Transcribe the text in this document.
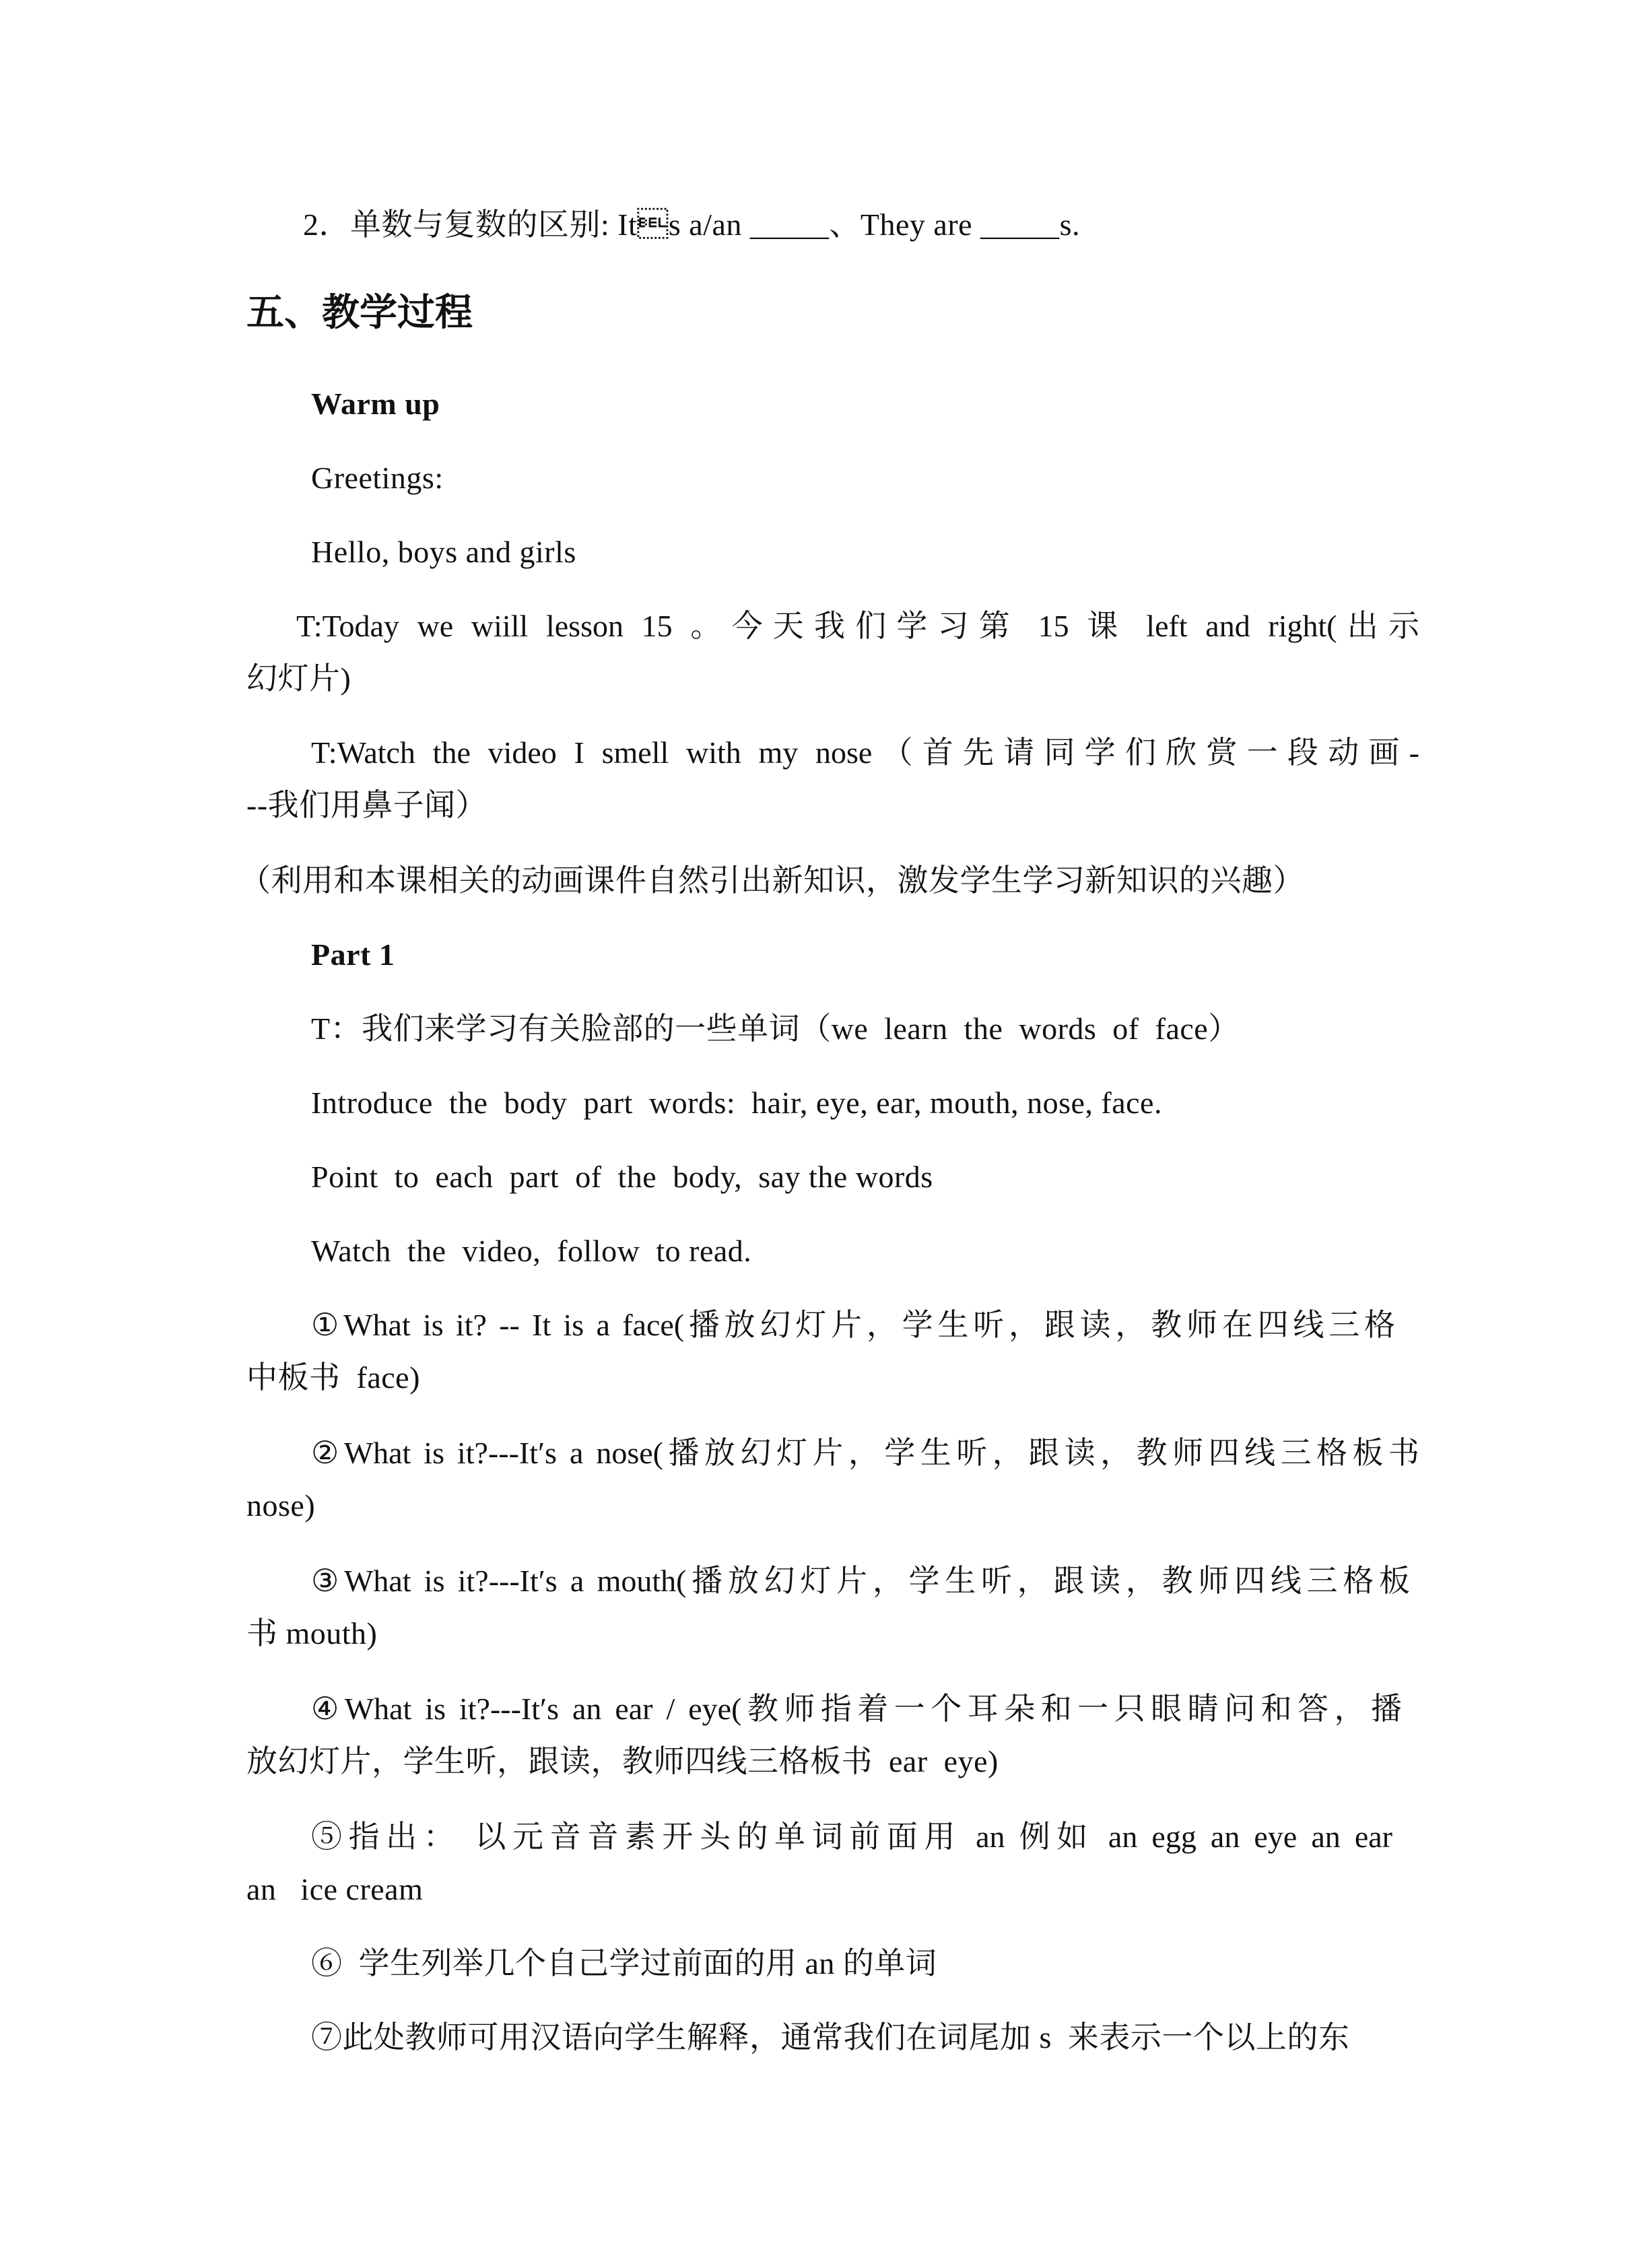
2．单数与复数的区别: Its a/an _____、They are _____s.
五、教学过程
Warm up
Greetings:
Hello, boys and girls
T:Today we wiill lesson 15 。今天我们学习第 15 课 left and right(出示
幻灯片)
T:Watch the video I smell with my nose（首先请同学们欣赏一段动画-
--我们用鼻子闻）
（利用和本课相关的动画课件自然引出新知识，激发学生学习新知识的兴趣）
Part 1
T：我们来学习有关脸部的一些单词（we  learn  the  words  of  face）
Introduce  the  body  part  words:  hair, eye, ear, mouth, nose, face.
Point  to  each  part  of  the  body,  say the words
Watch  the  video,  follow  to read.
①What is it? -- It is a face(播放幻灯片，学生听，跟读，教师在四线三格
中板书  face)
②What is it?---It′s a nose(播放幻灯片，学生听，跟读，教师四线三格板书
nose)
③What is it?---It′s a mouth(播放幻灯片，学生听，跟读，教师四线三格板
书 mouth)
④What is it?---It′s an ear / eye(教师指着一个耳朵和一只眼睛问和答，播
放幻灯片，学生听，跟读，教师四线三格板书  ear  eye)
⑤指出： 以元音音素开头的单词前面用 an 例如 an egg an eye an ear
an   ice cream
⑥  学生列举几个自己学过前面的用 an 的单词
⑦此处教师可用汉语向学生解释，通常我们在词尾加 s  来表示一个以上的东
